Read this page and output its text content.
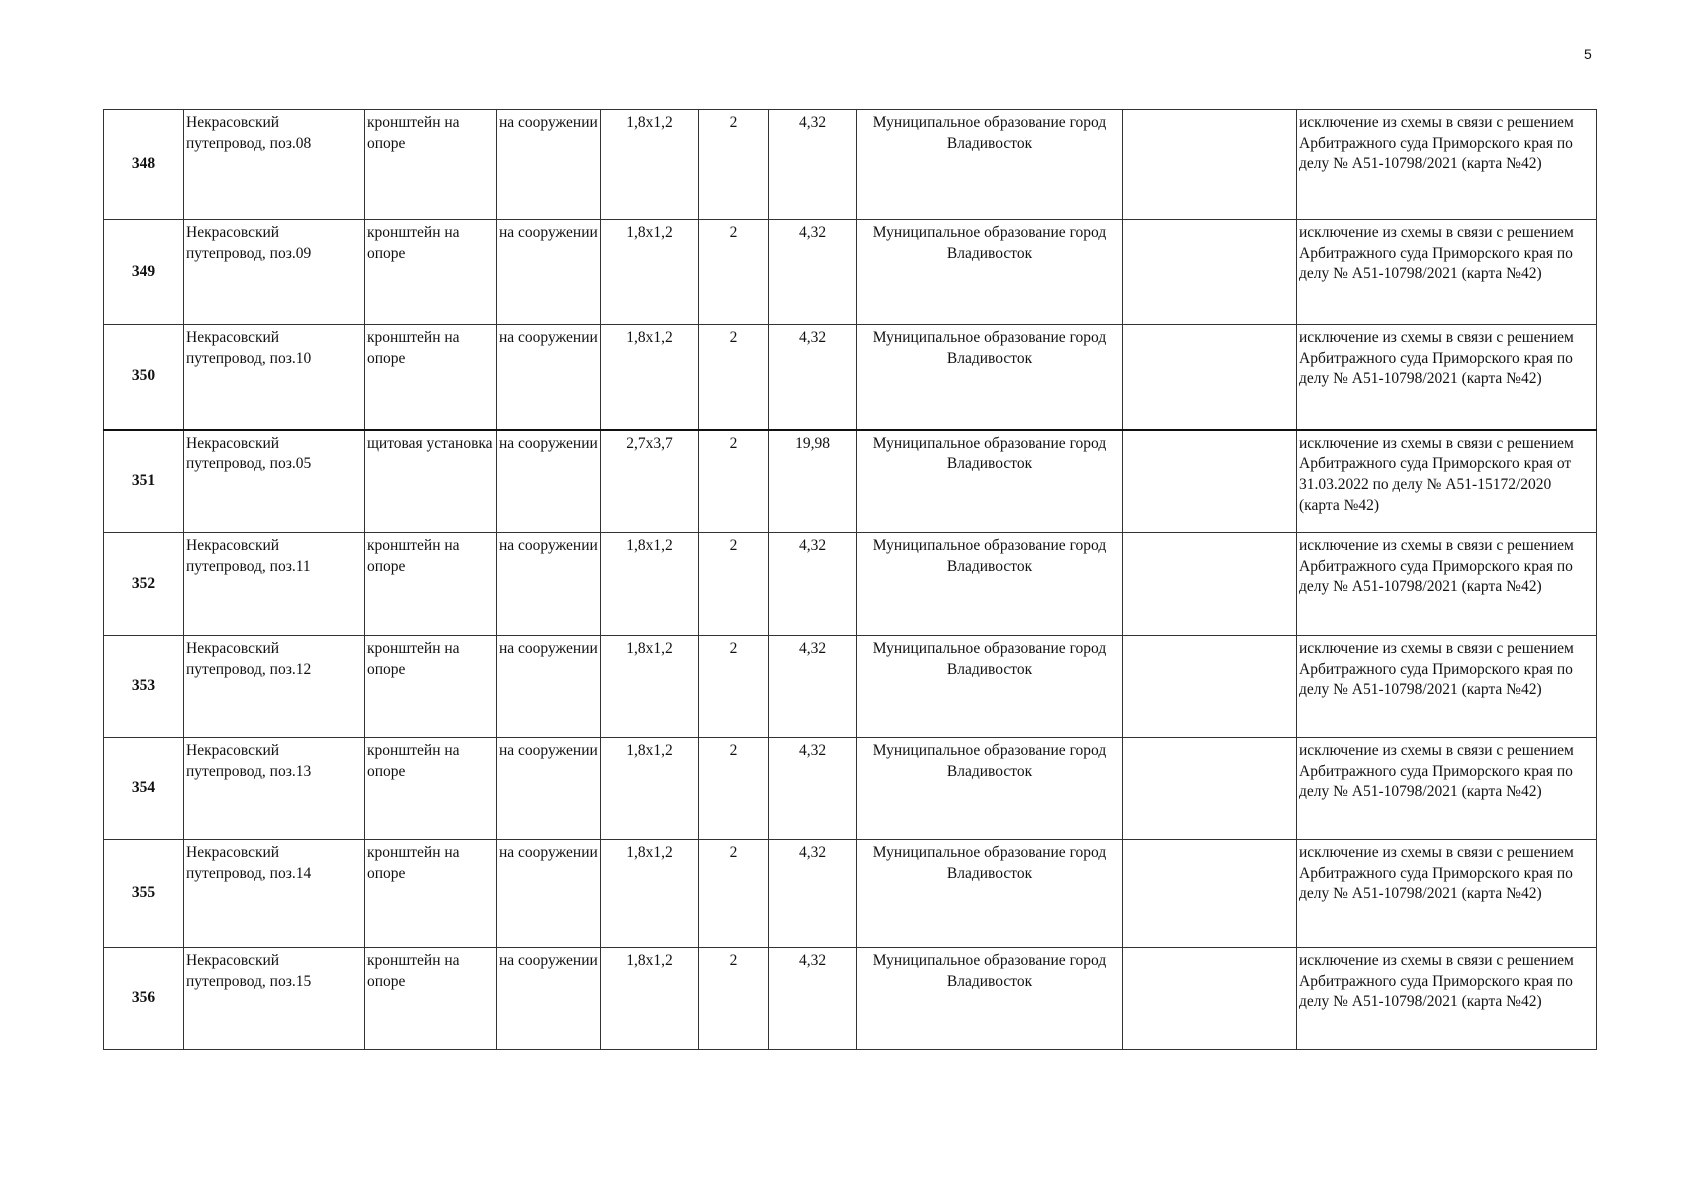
5
348	Некрасовский путепровод, поз.08	кронштейн на опоре	на сооружении	1,8x1,2	2	4,32	Муниципальное образование город Владивосток		исключение из схемы в связи с решением Арбитражного суда Приморского края по делу № А51-10798/2021 (карта №42)
349	Некрасовский путепровод, поз.09	кронштейн на опоре	на сооружении	1,8x1,2	2	4,32	Муниципальное образование город Владивосток		исключение из схемы в связи с решением Арбитражного суда Приморского края по делу № А51-10798/2021 (карта №42)
350	Некрасовский путепровод, поз.10	кронштейн на опоре	на сооружении	1,8x1,2	2	4,32	Муниципальное образование город Владивосток		исключение из схемы в связи с решением Арбитражного суда Приморского края по делу № А51-10798/2021 (карта №42)
351	Некрасовский путепровод, поз.05	щитовая установка	на сооружении	2,7x3,7	2	19,98	Муниципальное образование город Владивосток		исключение из схемы в связи с решением Арбитражного суда Приморского края от 31.03.2022 по делу № А51-15172/2020 (карта №42)
352	Некрасовский путепровод, поз.11	кронштейн на опоре	на сооружении	1,8x1,2	2	4,32	Муниципальное образование город Владивосток		исключение из схемы в связи с решением Арбитражного суда Приморского края по делу № А51-10798/2021 (карта №42)
353	Некрасовский путепровод, поз.12	кронштейн на опоре	на сооружении	1,8x1,2	2	4,32	Муниципальное образование город Владивосток		исключение из схемы в связи с решением Арбитражного суда Приморского края по делу № А51-10798/2021 (карта №42)
354	Некрасовский путепровод, поз.13	кронштейн на опоре	на сооружении	1,8x1,2	2	4,32	Муниципальное образование город Владивосток		исключение из схемы в связи с решением Арбитражного суда Приморского края по делу № А51-10798/2021 (карта №42)
355	Некрасовский путепровод, поз.14	кронштейн на опоре	на сооружении	1,8x1,2	2	4,32	Муниципальное образование город Владивосток		исключение из схемы в связи с решением Арбитражного суда Приморского края по делу № А51-10798/2021 (карта №42)
356	Некрасовский путепровод, поз.15	кронштейн на опоре	на сооружении	1,8x1,2	2	4,32	Муниципальное образование город Владивосток		исключение из схемы в связи с решением Арбитражного суда Приморского края по делу № А51-10798/2021 (карта №42)
